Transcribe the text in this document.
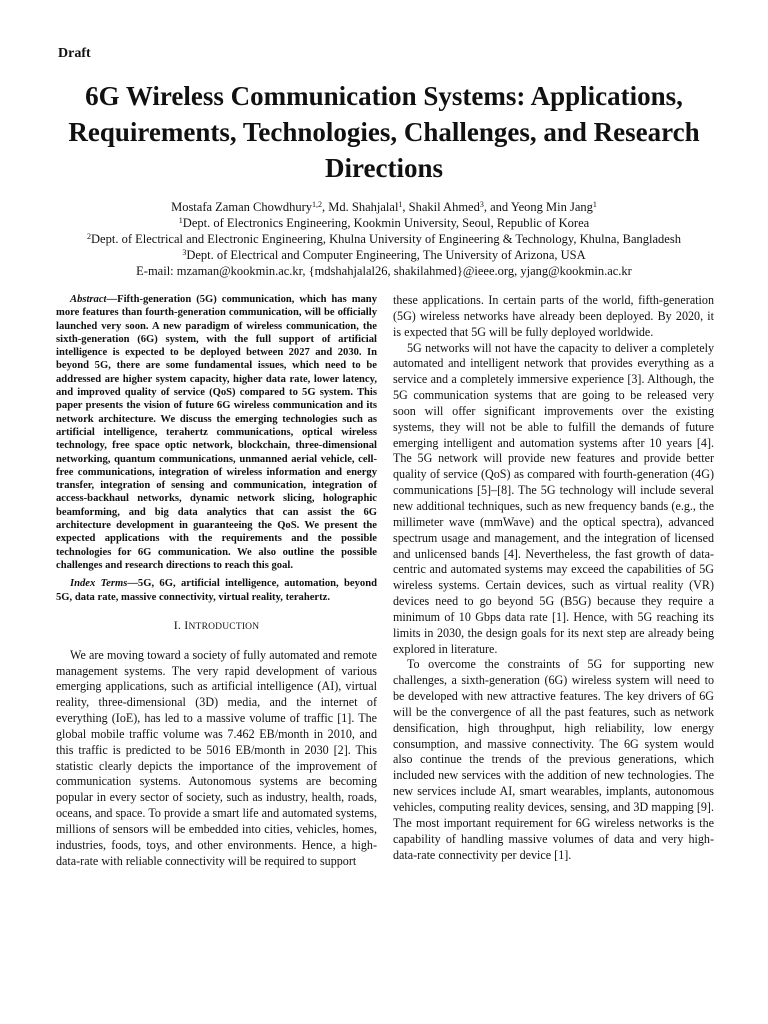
Draft
6G Wireless Communication Systems: Applications, Requirements, Technologies, Challenges, and Research Directions
Mostafa Zaman Chowdhury$^{1,2}$, Md. Shahjalal$^1$, Shakil Ahmed$^3$, and Yeong Min Jang$^1$
$^1$Dept. of Electronics Engineering, Kookmin University, Seoul, Republic of Korea
$^2$Dept. of Electrical and Electronic Engineering, Khulna University of Engineering & Technology, Khulna, Bangladesh
$^3$Dept. of Electrical and Computer Engineering, The University of Arizona, USA
E-mail: mzaman@kookmin.ac.kr, {mdshahjalal26, shakilahmed}@ieee.org, yjang@kookmin.ac.kr

Abstract—Fifth-generation (5G) communication, which has many more features than fourth-generation communication, will be officially launched very soon. A new paradigm of wireless communication, the sixth-generation (6G) system, with the full support of artificial intelligence is expected to be deployed between 2027 and 2030. In beyond 5G, there are some fundamental issues, which need to be addressed are higher system capacity, higher data rate, lower latency, and improved quality of service (QoS) compared to 5G system. This paper presents the vision of future 6G wireless communication and its network architecture. We discuss the emerging technologies such as artificial intelligence, terahertz communications, optical wireless technology, free space optic network, blockchain, three-dimensional networking, quantum communications, unmanned aerial vehicle, cell-free communications, integration of wireless information and energy transfer, integration of sensing and communication, integration of access-backhaul networks, dynamic network slicing, holographic beamforming, and big data analytics that can assist the 6G architecture development in guaranteeing the QoS. We present the expected applications with the requirements and the possible technologies for 6G communication. We also outline the possible challenges and research directions to reach this goal.

Index Terms—5G, 6G, artificial intelligence, automation, beyond 5G, data rate, massive connectivity, virtual reality, terahertz.

I. INTRODUCTION

We are moving toward a society of fully automated and remote management systems. The very rapid development of various emerging applications, such as artificial intelligence (AI), virtual reality, three-dimensional (3D) media, and the internet of everything (IoE), has led to a massive volume of traffic [1]. The global mobile traffic volume was 7.462 EB/month in 2010, and this traffic is predicted to be 5016 EB/month in 2030 [2]. This statistic clearly depicts the importance of the improvement of communication systems. Autonomous systems are becoming popular in every sector of society, such as industry, health, roads, oceans, and space. To provide a smart life and automated systems, millions of sensors will be embedded into cities, vehicles, homes, industries, foods, toys, and other environments. Hence, a high-data-rate with reliable connectivity will be required to support

these applications. In certain parts of the world, fifth-generation (5G) wireless networks have already been deployed. By 2020, it is expected that 5G will be fully deployed worldwide.

5G networks will not have the capacity to deliver a completely automated and intelligent network that provides everything as a service and a completely immersive experience [3]. Although, the 5G communication systems that are going to be released very soon will offer significant improvements over the existing systems, they will not be able to fulfill the demands of future emerging intelligent and automation systems after 10 years [4]. The 5G network will provide new features and provide better quality of service (QoS) as compared with fourth-generation (4G) communications [5]–[8]. The 5G technology will include several new additional techniques, such as new frequency bands (e.g., the millimeter wave (mmWave) and the optical spectra), advanced spectrum usage and management, and the integration of licensed and unlicensed bands [4]. Nevertheless, the fast growth of data-centric and automated systems may exceed the capabilities of 5G wireless systems. Certain devices, such as virtual reality (VR) devices need to go beyond 5G (B5G) because they require a minimum of 10 Gbps data rate [1]. Hence, with 5G reaching its limits in 2030, the design goals for its next step are already being explored in literature.

To overcome the constraints of 5G for supporting new challenges, a sixth-generation (6G) wireless system will need to be developed with new attractive features. The key drivers of 6G will be the convergence of all the past features, such as network densification, high throughput, high reliability, low energy consumption, and massive connectivity. The 6G system would also continue the trends of the previous generations, which included new services with the addition of new technologies. The new services include AI, smart wearables, implants, autonomous vehicles, computing reality devices, sensing, and 3D mapping [9]. The most important requirement for 6G wireless networks is the capability of handling massive volumes of data and very high-data-rate connectivity per device [1].
